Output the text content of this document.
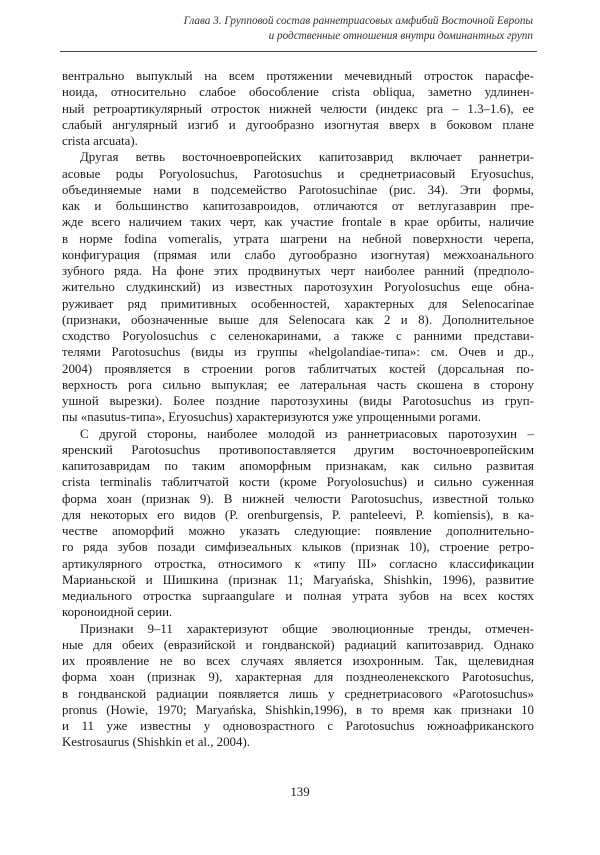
Глава 3. Групповой состав раннетриасовых амфибий Восточной Европы
и родственные отношения внутри доминантных групп
вентрально выпуклый на всем протяжении мечевидный отросток парасфе-
ноида, относительно слабое обособление crista obliqua, заметно удлинен-
ный ретроартикулярный отросток нижней челюсти (индекс pra – 1.3–1.6), ее
слабый ангулярный изгиб и дугообразно изогнутая вверх в боковом плане
crista arcuata).
Другая ветвь восточноевропейских капитозаврид включает раннетри-
асовые роды Poryolosuchus, Parotosuchus и среднетриасовый Eryosuchus,
объединяемые нами в подсемейство Parotosuchinae (рис. 34). Эти формы,
как и большинство капитозавроидов, отличаются от ветлугазаврин пре-
жде всего наличием таких черт, как участие frontale в крае орбиты, наличие
в норме fodina vomeralis, утрата шагрени на небной поверхности черепа,
конфигурация (прямая или слабо дугообразно изогнутая) межхоанального
зубного ряда. На фоне этих продвинутых черт наиболее ранний (предполо-
жительно слудкинский) из известных паротозухин Poryolosuchus еще обна-
руживает ряд примитивных особенностей, характерных для Selenocarinae
(признаки, обозначенные выше для Selenocara как 2 и 8). Дополнительное
сходство Poryolosuchus с селенокаринами, а также с ранними представи-
телями Parotosuchus (виды из группы «helgolandiae-типа»: см. Очев и др.,
2004) проявляется в строении рогов таблитчатых костей (дорсальная по-
верхность рога сильно выпуклая; ее латеральная часть скошена в сторону
ушной вырезки). Более поздние паротозухины (виды Parotosuchus из груп-
пы «nasutus-типа», Eryosuchus) характеризуются уже упрощенными рогами.
С другой стороны, наиболее молодой из раннетриасовых паротозухин –
яренский Parotosuchus противопоставляется другим восточноевропейским
капитозавридам по таким апоморфным признакам, как сильно развитая
crista terminalis таблитчатой кости (кроме Poryolosuchus) и сильно суженная
форма хоан (признак 9). В нижней челюсти Parotosuchus, известной только
для некоторых его видов (P. orenburgensis, P. panteleevi, P. komiensis), в ка-
честве апоморфий можно указать следующие: появление дополнительно-
го ряда зубов позади симфизеальных клыков (признак 10), строение ретро-
артикулярного отростка, относимого к «типу III» согласно классификации
Марианьской и Шишкина (признак 11; Maryańska, Shishkin, 1996), развитие
медиального отростка supraangulare и полная утрата зубов на всех костях
короноидной серии.
Признаки 9–11 характеризуют общие эволюционные тренды, отмечен-
ные для обеих (евразийской и гондванской) радиаций капитозаврид. Однако
их проявление не во всех случаях является изохронным. Так, щелевидная
форма хоан (признак 9), характерная для позднеоленекского Parotosuchus,
в гондванской радиации появляется лишь у среднетриасового «Parotosuchus»
pronus (Howie, 1970; Maryańska, Shishkin,1996), в то время как признаки 10
и 11 уже известны у одновозрастного с Parotosuchus южноафриканского
Kestrosaurus (Shishkin et al., 2004).
139
